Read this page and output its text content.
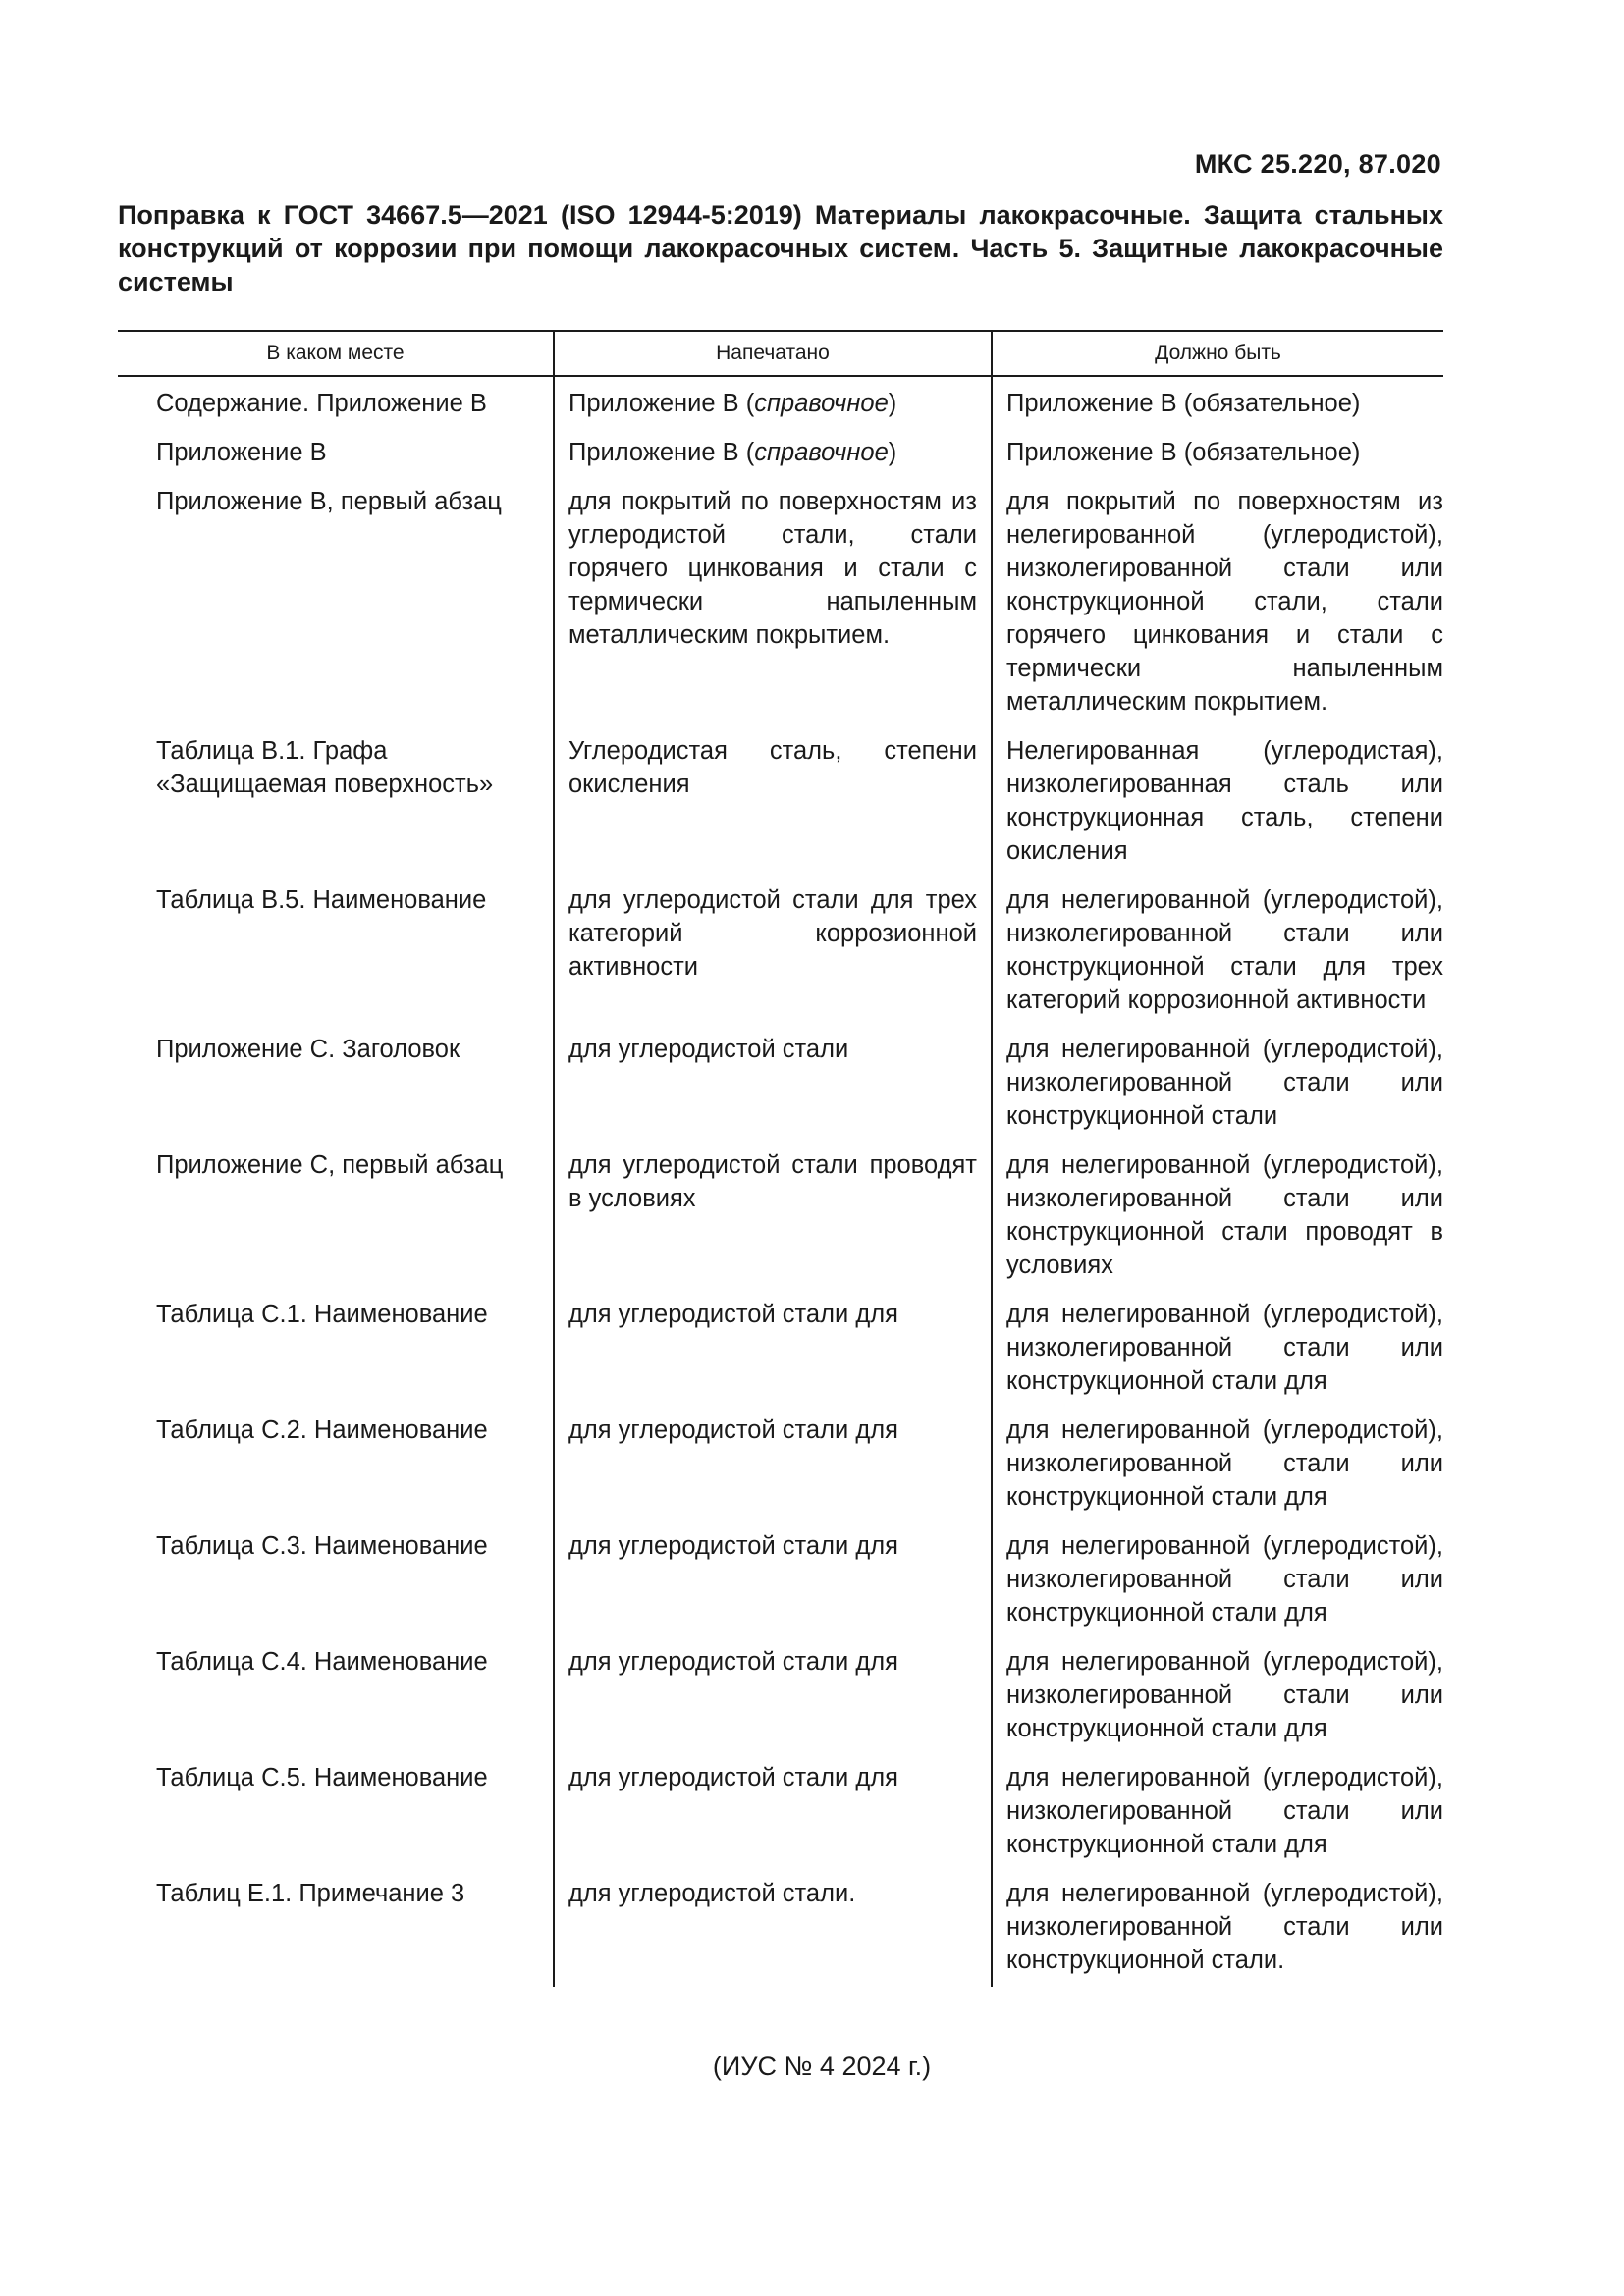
МКС 25.220, 87.020
Поправка к ГОСТ 34667.5—2021 (ISO 12944-5:2019) Материалы лакокрасочные. Защита стальных
конструкций от коррозии при помощи лакокрасочных систем. Часть 5. Защитные лакокрасочные
системы
В каком месте	Напечатано	Должно быть
Содержание. Приложение В	Приложение В (справочное)	Приложение В (обязательное)
Приложение В	Приложение В (справочное)	Приложение В (обязательное)
Приложение В, первый абзац	для покрытий по поверхностям из углеродистой стали, стали горячего цинкования и стали с термически напыленным металлическим покрытием.	для покрытий по поверхностям из нелегированной (углеродистой), низколегированной стали или конструкционной стали, стали горячего цинкования и стали с термически напыленным металлическим покрытием.
Таблица В.1. Графа «Защищаемая поверхность»	Углеродистая сталь, степени окисления	Нелегированная (углеродистая), низколегированная сталь или конструкционная сталь, степени окисления
Таблица В.5. Наименование	для углеродистой стали для трех категорий коррозионной активности	для нелегированной (углеродистой), низколегированной стали или конструкционной стали для трех категорий коррозионной активности
Приложение С. Заголовок	для углеродистой стали	для нелегированной (углеродистой), низколегированной стали или конструкционной стали
Приложение С, первый абзац	для углеродистой стали проводят в условиях	для нелегированной (углеродистой), низколегированной стали или конструкционной стали проводят в условиях
Таблица С.1. Наименование	для углеродистой стали для	для нелегированной (углеродистой), низколегированной стали или конструкционной стали для
Таблица С.2. Наименование	для углеродистой стали для	для нелегированной (углеродистой), низколегированной стали или конструкционной стали для
Таблица С.3. Наименование	для углеродистой стали для	для нелегированной (углеродистой), низколегированной стали или конструкционной стали для
Таблица С.4. Наименование	для углеродистой стали для	для нелегированной (углеродистой), низколегированной стали или конструкционной стали для
Таблица С.5. Наименование	для углеродистой стали для	для нелегированной (углеродистой), низколегированной стали или конструкционной стали для
Таблиц Е.1. Примечание 3	для углеродистой стали.	для нелегированной (углеродистой), низколегированной стали или конструкционной стали.
(ИУС № 4 2024 г.)
